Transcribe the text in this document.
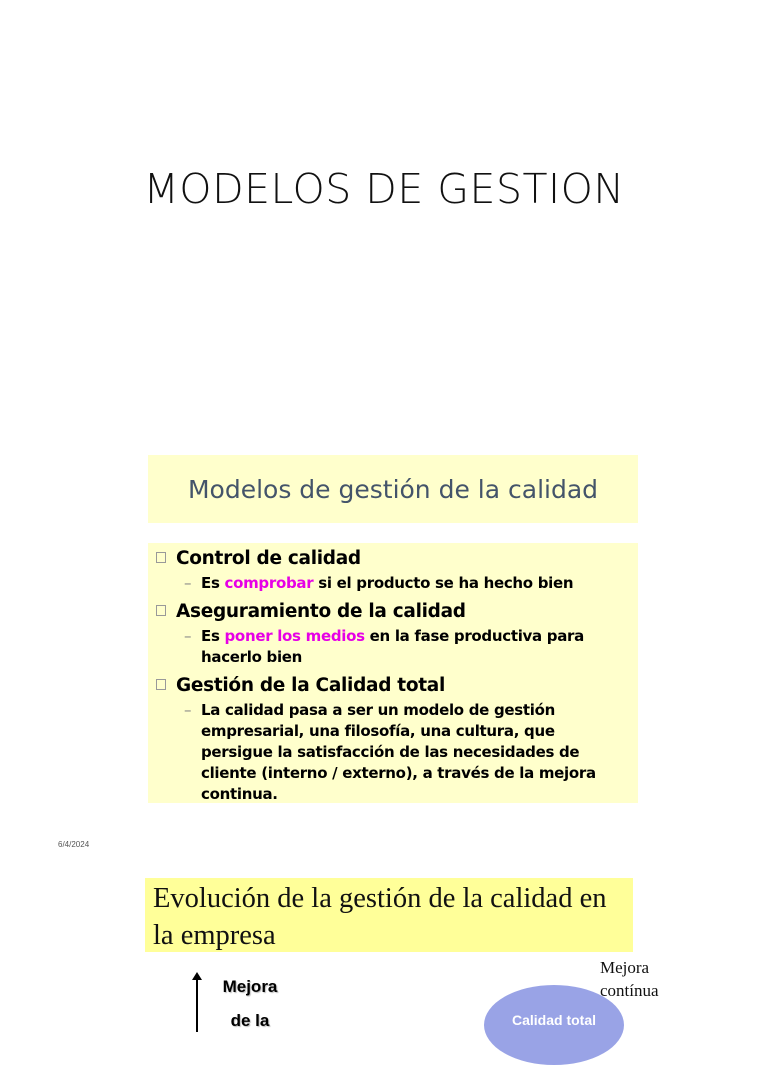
MODELOS DE GESTION
Modelos de gestión de la calidad
Control de calidad
– Es comprobar si el producto se ha hecho bien
Aseguramiento de la calidad
– Es poner los medios en la fase productiva para hacerlo bien
Gestión de la Calidad total
– La calidad pasa a ser un modelo de gestión empresarial, una filosofía, una cultura, que persigue la satisfacción de las necesidades de cliente (interno / externo), a través de la mejora continua.
6/4/2024
Evolución de la gestión de la calidad en la empresa
Mejora
de la
Mejora
contínua
Calidad total
